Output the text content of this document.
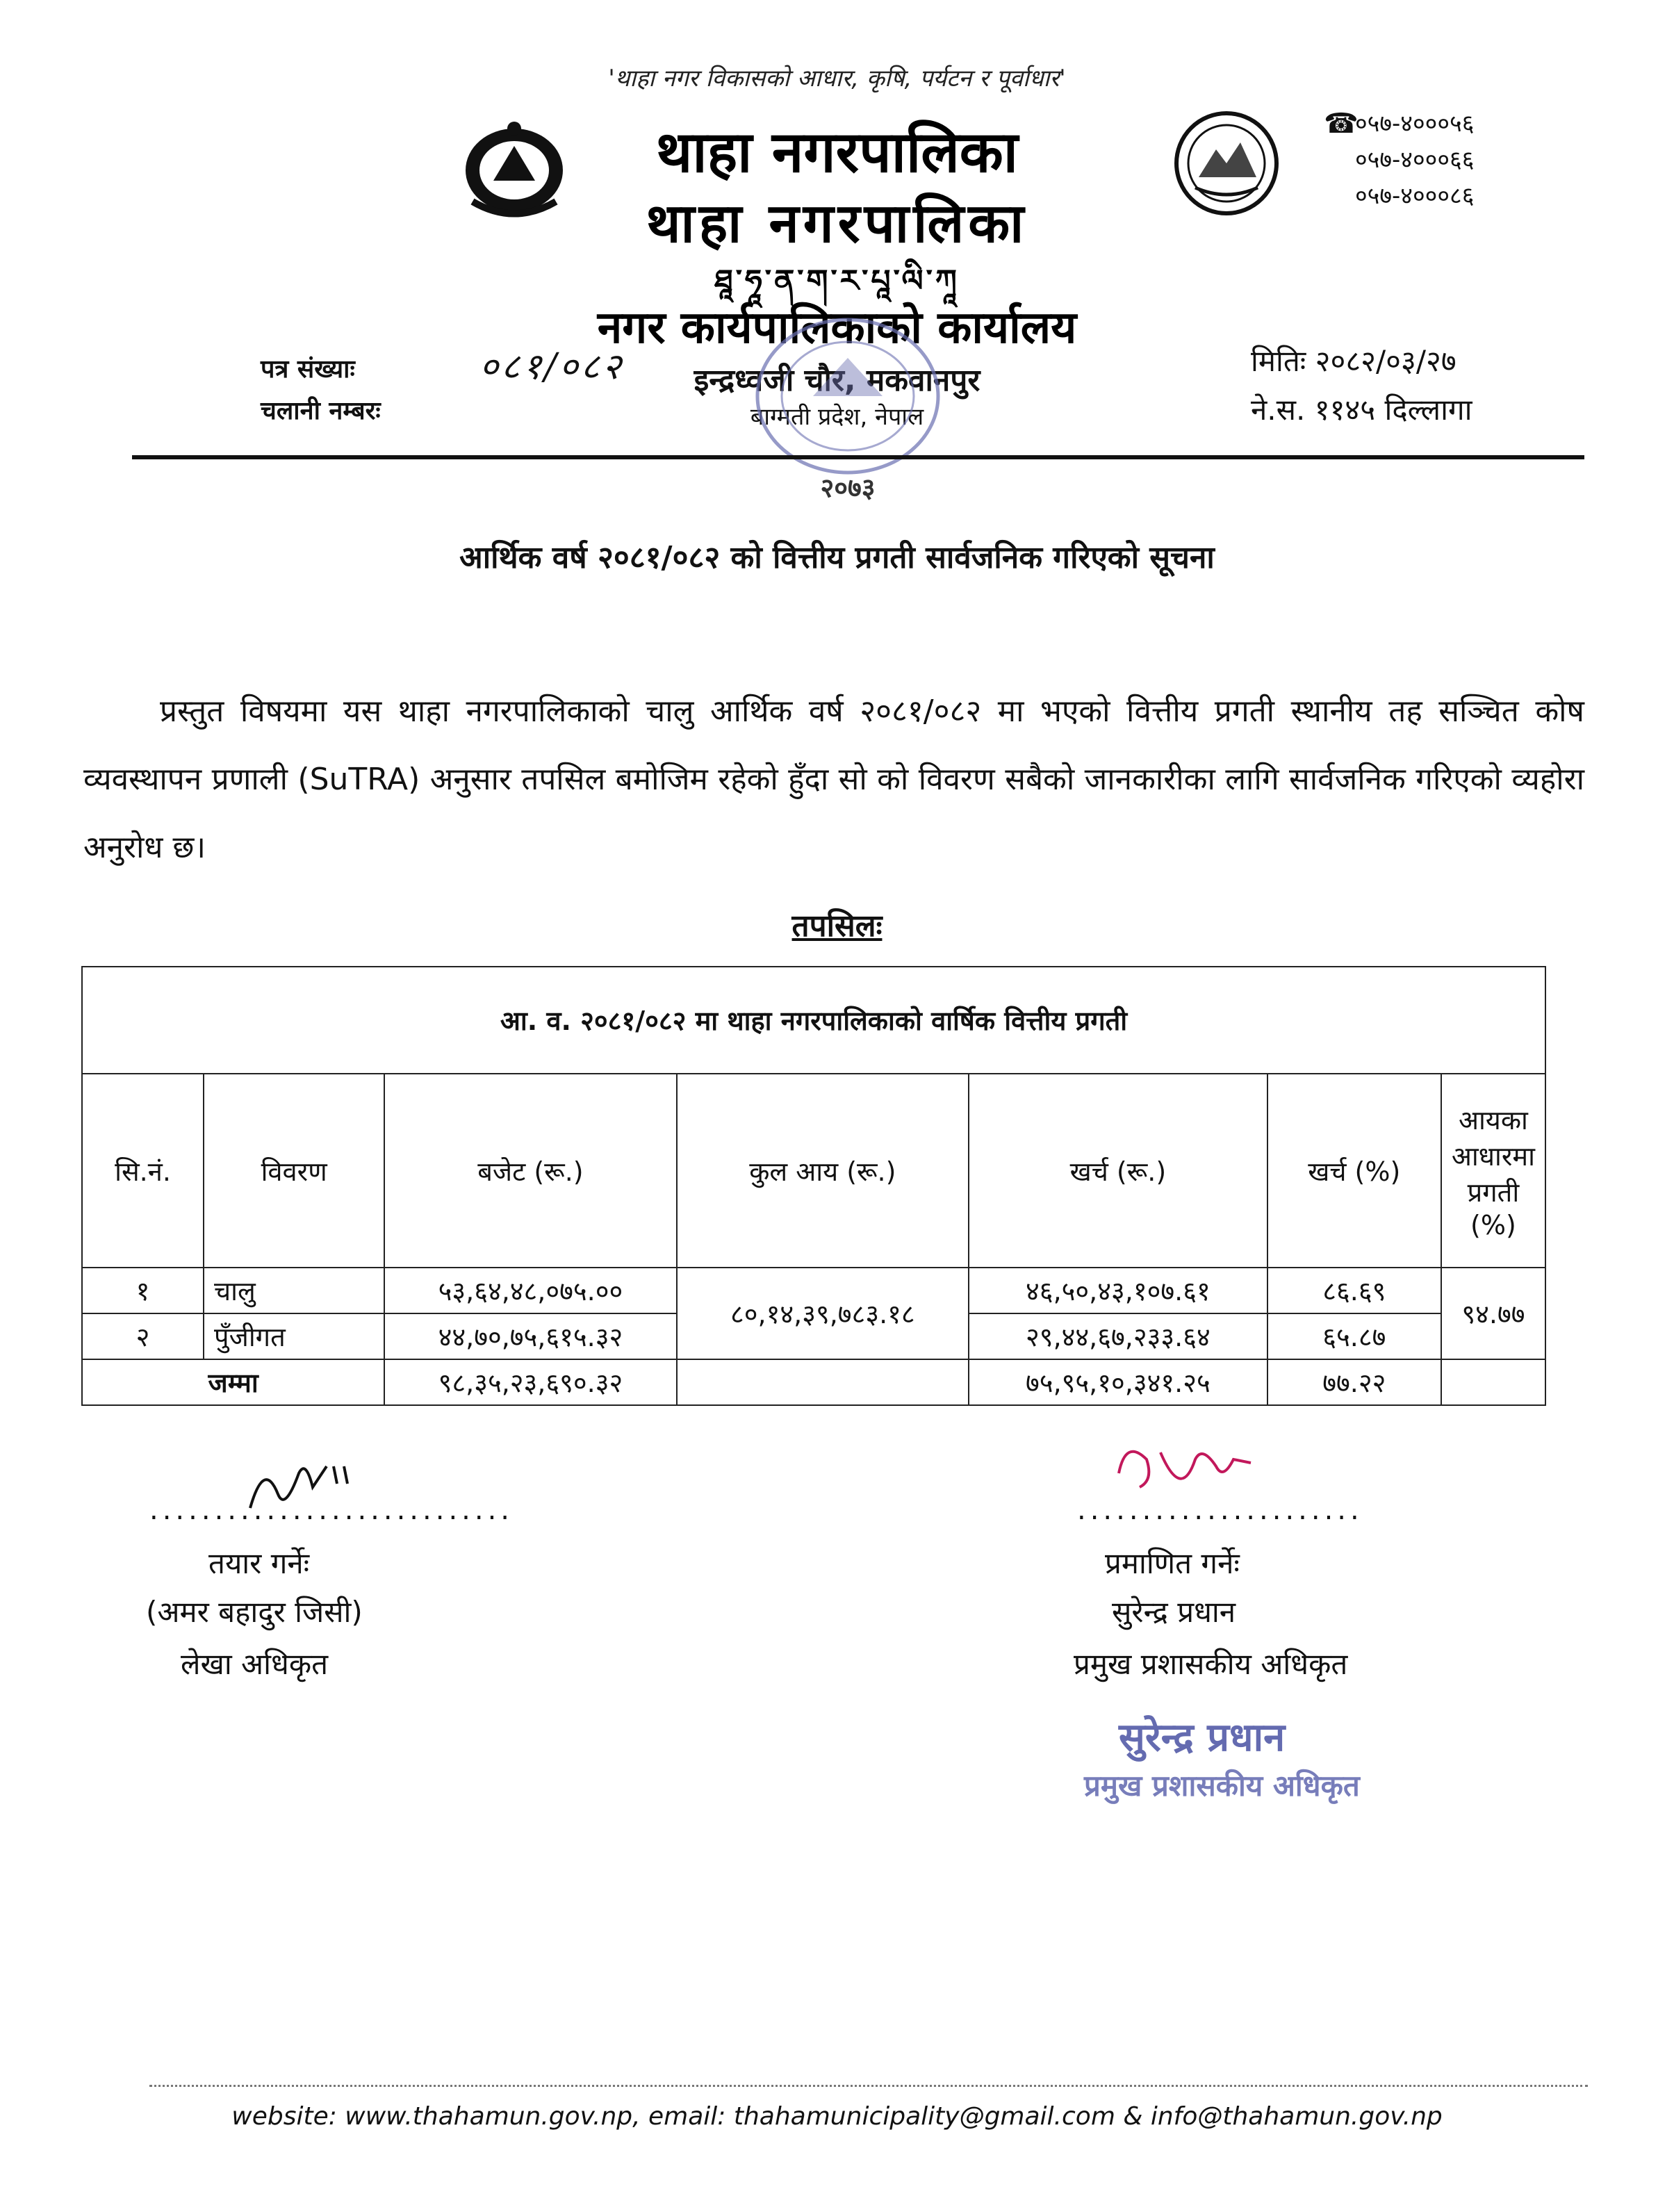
'थाहा नगर विकासको आधार, कृषि, पर्यटन र पूर्वाधार'
थाहा नगरपालिका
थाहा नगरपालिका
ཐཱ་ཧཱ་ན་ག་ར་པཱ་ལི་ཀཱ
नगर कार्यपालिकाको कार्यालय
इन्द्रध्वजी चौर, मकवानपुर
बाग्मती प्रदेश, नेपाल
२०७३
☎
०५७-४०००५६
०५७-४०००६६
०५७-४०००८६
पत्र संख्याः	०८१/०८२
चलानी नम्बरः
मितिः २०८२/०३/२७
ने.स. ११४५ दिल्लागा
आर्थिक वर्ष २०८१/०८२ को वित्तीय प्रगती सार्वजनिक गरिएको सूचना
प्रस्तुत विषयमा यस थाहा नगरपालिकाको चालु आर्थिक वर्ष २०८१/०८२ मा भएको वित्तीय प्रगती स्थानीय तह सञ्चित कोष व्यवस्थापन प्रणाली (SuTRA) अनुसार तपसिल बमोजिम रहेको हुँदा सो को विवरण सबैको जानकारीका लागि सार्वजनिक गरिएको व्यहोरा अनुरोध छ।
तपसिलः
आ. व. २०८१/०८२ मा थाहा नगरपालिकाको वार्षिक वित्तीय प्रगती						
सि.नं.	विवरण	बजेट (रू.)	कुल आय (रू.)	खर्च (रू.)	खर्च (%)	आयका आधारमा प्रगती (%)
१	चालु	५३,६४,४८,०७५.००	८०,१४,३९,७८३.१८	४६,५०,४३,१०७.६१	८६.६९	९४.७७
२	पुँजीगत	४४,७०,७५,६१५.३२		२९,४४,६७,२३३.६४	६५.८७	
जम्मा		९८,३५,२३,६९०.३२		७५,९५,१०,३४१.२५	७७.२२	
............................
तयार गर्नेः
(अमर बहादुर जिसी)
लेखा अधिकृत
......................
प्रमाणित गर्नेः
सुरेन्द्र प्रधान
प्रमुख प्रशासकीय अधिकृत
सुरेन्द्र प्रधान
प्रमुख प्रशासकीय अधिकृत
website: www.thahamun.gov.np, email: thahamunicipality@gmail.com & info@thahamun.gov.np
